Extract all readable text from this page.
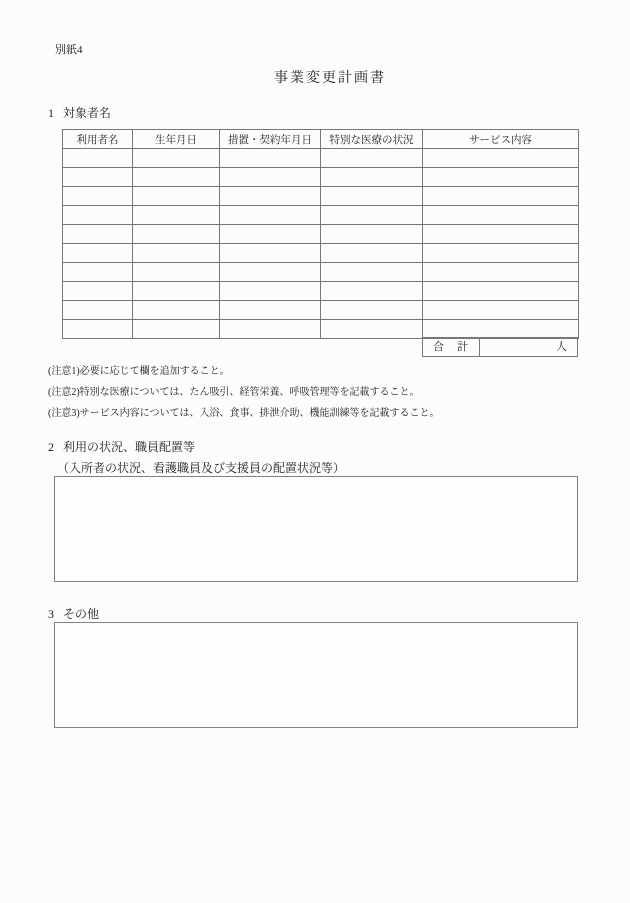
別紙4
事業変更計画書
1 対象者名
利用者名	生年月日	措置・契約年月日	特別な医療の状況	サービス内容

合　計	人
(注意1)必要に応じて欄を追加すること。
(注意2)特別な医療については、たん吸引、経管栄養、呼吸管理等を記載すること。
(注意3)サービス内容については、入浴、食事、排泄介助、機能訓練等を記載すること。
2 利用の状況、職員配置等
（入所者の状況、看護職員及び支援員の配置状況等）
3 その他
